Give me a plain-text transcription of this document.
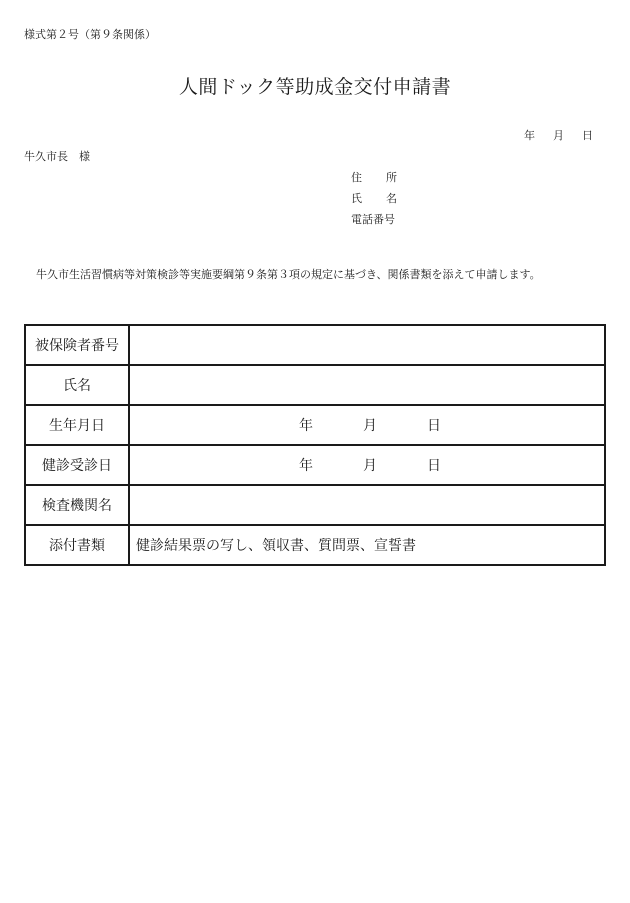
様式第２号（第９条関係）
人間ドック等助成金交付申請書
年 月 日
牛久市長　様
住 所
氏 名
電話番号
牛久市生活習慣病等対策検診等実施要綱第９条第３項の規定に基づき、関係書類を添えて申請します。
被保険者番号	
氏名	
生年月日	年 月 日

健診受診日	年 月 日

検査機関名	
添付書類	健診結果票の写し、領収書、質問票、宣誓書
